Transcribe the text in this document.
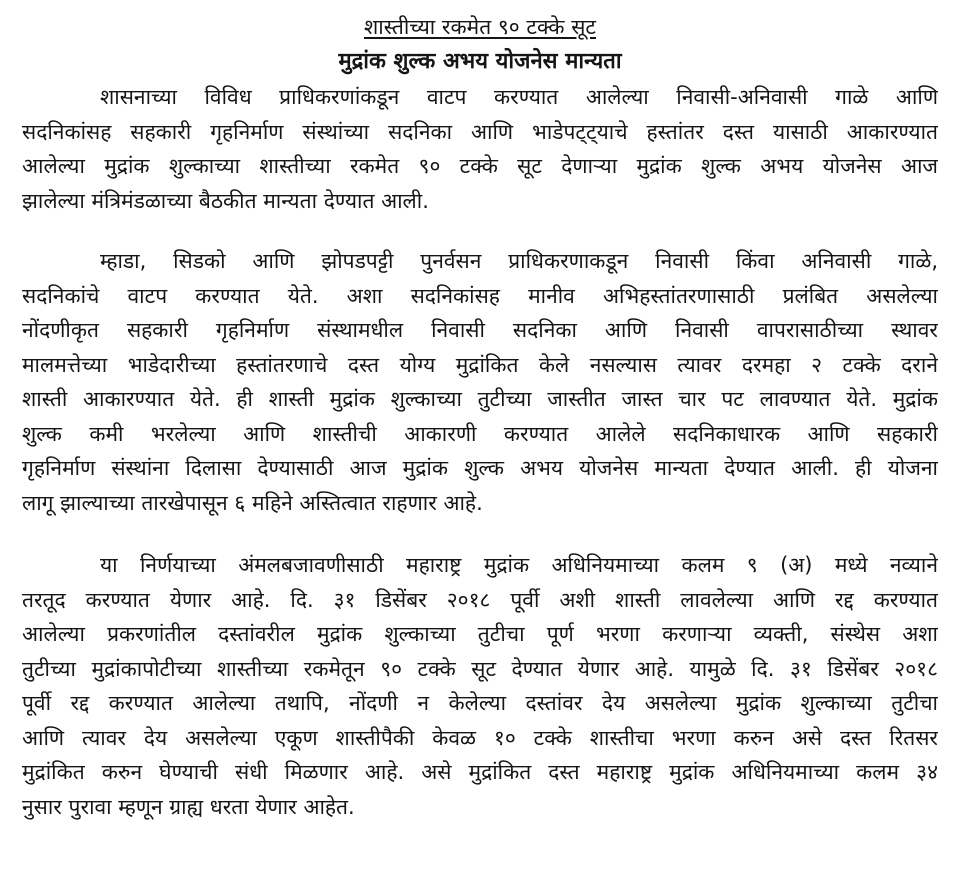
शास्तीच्या रकमेत ९० टक्के सूट
मुद्रांक शुल्क अभय योजनेस मान्यता

शासनाच्या विविध प्राधिकरणांकडून वाटप करण्यात आलेल्या निवासी-अनिवासी गाळे आणि
सदनिकांसह सहकारी गृहनिर्माण संस्थांच्या सदनिका आणि भाडेपट्ट्याचे हस्तांतर दस्त यासाठी आकारण्यात
आलेल्या मुद्रांक शुल्काच्या शास्तीच्या रकमेत ९० टक्के सूट देणाऱ्या मुद्रांक शुल्क अभय योजनेस आज
झालेल्या मंत्रिमंडळाच्या बैठकीत मान्यता देण्यात आली.

म्हाडा, सिडको आणि झोपडपट्टी पुनर्वसन प्राधिकरणाकडून निवासी किंवा अनिवासी गाळे,
सदनिकांचे वाटप करण्यात येते. अशा सदनिकांसह मानीव अभिहस्तांतरणासाठी प्रलंबित असलेल्या
नोंदणीकृत सहकारी गृहनिर्माण संस्थामधील निवासी सदनिका आणि निवासी वापरासाठीच्या स्थावर
मालमत्तेच्या भाडेदारीच्या हस्तांतरणाचे दस्त योग्य मुद्रांकित केले नसल्यास त्यावर दरमहा २ टक्के दराने
शास्ती आकारण्यात येते. ही शास्ती मुद्रांक शुल्काच्या तुटीच्या जास्तीत जास्त चार पट लावण्यात येते. मुद्रांक
शुल्क कमी भरलेल्या आणि शास्तीची आकारणी करण्यात आलेले सदनिकाधारक आणि सहकारी
गृहनिर्माण संस्थांना दिलासा देण्यासाठी आज मुद्रांक शुल्क अभय योजनेस मान्यता देण्यात आली. ही योजना
लागू झाल्याच्या तारखेपासून ६ महिने अस्तित्वात राहणार आहे.

या निर्णयाच्या अंमलबजावणीसाठी महाराष्ट्र मुद्रांक अधिनियमाच्या कलम ९ (अ) मध्ये नव्याने
तरतूद करण्यात येणार आहे. दि. ३१ डिसेंबर २०१८ पूर्वी अशी शास्ती लावलेल्या आणि रद्द करण्यात
आलेल्या प्रकरणांतील दस्तांवरील मुद्रांक शुल्काच्या तुटीचा पूर्ण भरणा करणाऱ्या व्यक्ती, संस्थेस अशा
तुटीच्या मुद्रांकापोटीच्या शास्तीच्या रकमेतून ९० टक्के सूट देण्यात येणार आहे. यामुळे दि. ३१ डिसेंबर २०१८
पूर्वी रद्द करण्यात आलेल्या तथापि, नोंदणी न केलेल्या दस्तांवर देय असलेल्या मुद्रांक शुल्काच्या तुटीचा
आणि त्यावर देय असलेल्या एकूण शास्तीपैकी केवळ १० टक्के शास्तीचा भरणा करुन असे दस्त रितसर
मुद्रांकित करुन घेण्याची संधी मिळणार आहे. असे मुद्रांकित दस्त महाराष्ट्र मुद्रांक अधिनियमाच्या कलम ३४
नुसार पुरावा म्हणून ग्राह्य धरता येणार आहेत.
